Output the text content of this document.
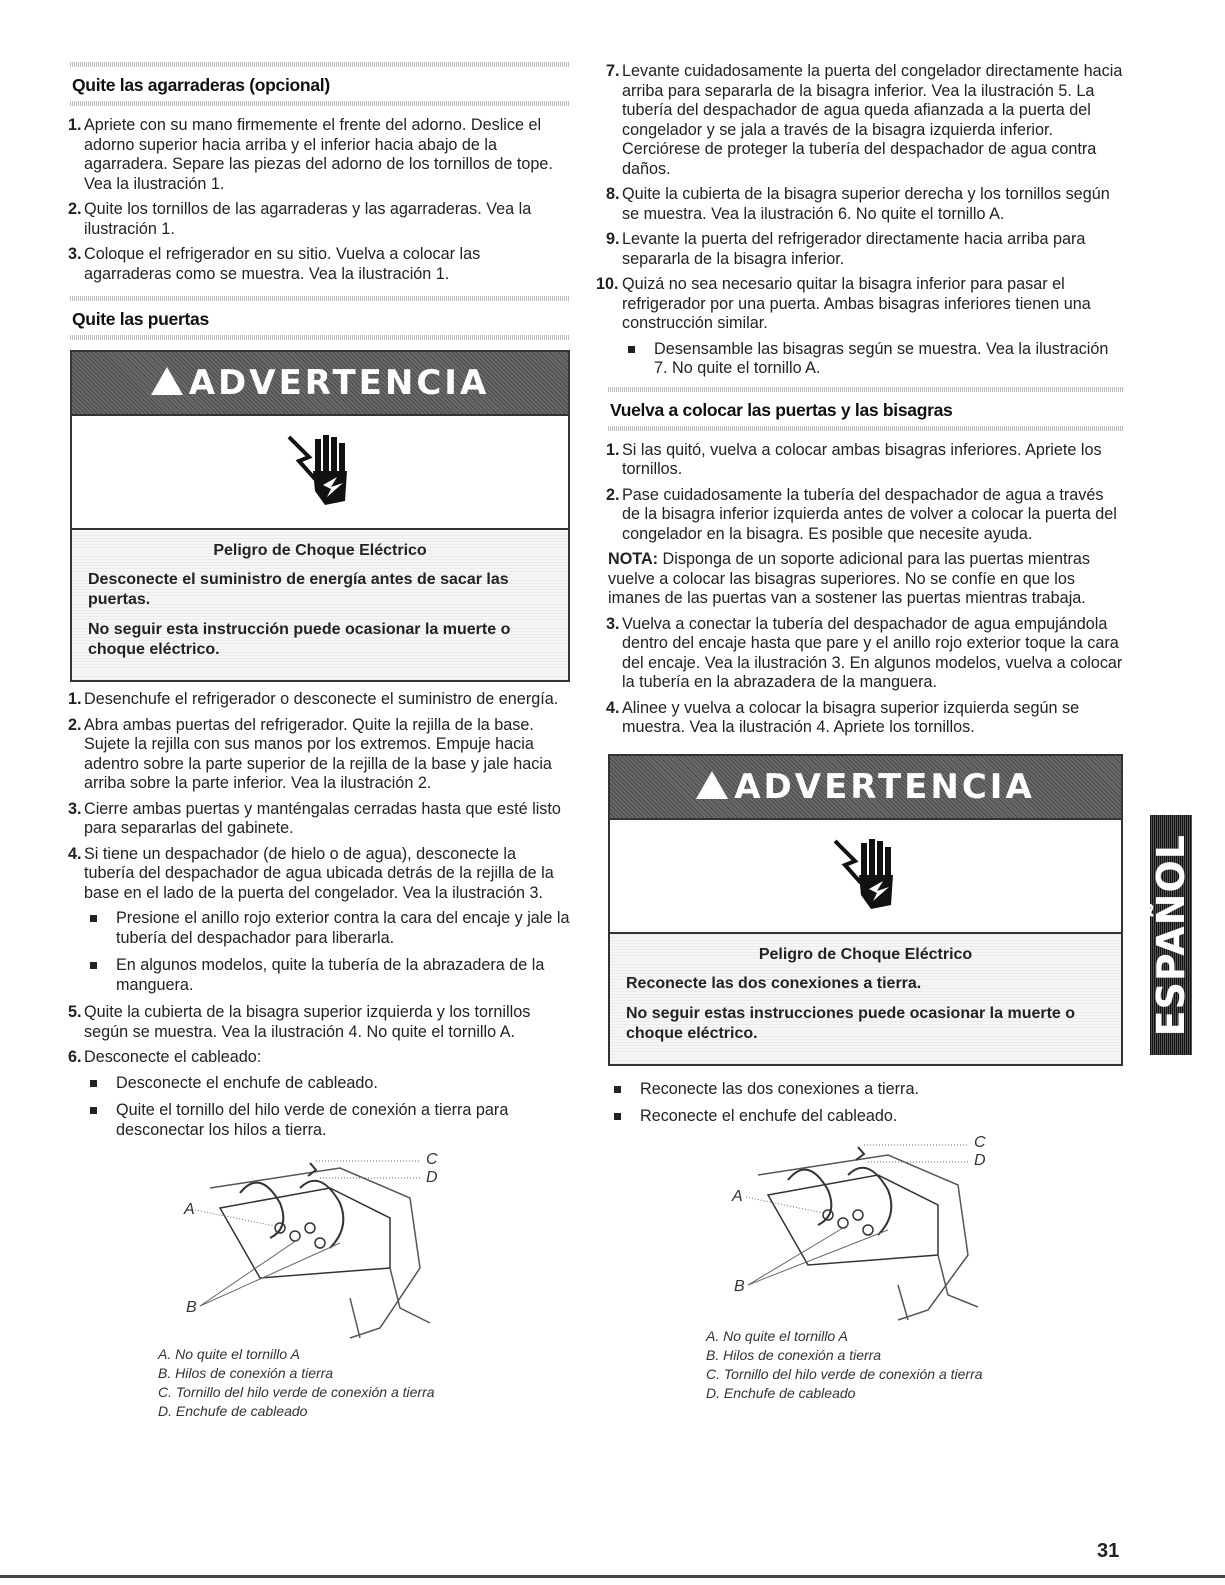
Quite las agarraderas (opcional)
1. Apriete con su mano firmemente el frente del adorno. Deslice el adorno superior hacia arriba y el inferior hacia abajo de la agarradera. Separe las piezas del adorno de los tornillos de tope. Vea la ilustración 1.
2. Quite los tornillos de las agarraderas y las agarraderas. Vea la ilustración 1.
3. Coloque el refrigerador en su sitio. Vuelva a colocar las agarraderas como se muestra. Vea la ilustración 1.
Quite las puertas
ADVERTENCIA
Peligro de Choque Eléctrico
Desconecte el suministro de energía antes de sacar las puertas.
No seguir esta instrucción puede ocasionar la muerte o choque eléctrico.
1. Desenchufe el refrigerador o desconecte el suministro de energía.
2. Abra ambas puertas del refrigerador. Quite la rejilla de la base. Sujete la rejilla con sus manos por los extremos. Empuje hacia adentro sobre la parte superior de la rejilla de la base y jale hacia arriba sobre la parte inferior. Vea la ilustración 2.
3. Cierre ambas puertas y manténgalas cerradas hasta que esté listo para separarlas del gabinete.
4. Si tiene un despachador (de hielo o de agua), desconecte la tubería del despachador de agua ubicada detrás de la rejilla de la base en el lado de la puerta del congelador. Vea la ilustración 3.
Presione el anillo rojo exterior contra la cara del encaje y jale la tubería del despachador para liberarla.
En algunos modelos, quite la tubería de la abrazadera de la manguera.
5. Quite la cubierta de la bisagra superior izquierda y los tornillos según se muestra. Vea la ilustración 4. No quite el tornillo A.
6. Desconecte el cableado:
Desconecte el enchufe de cableado.
Quite el tornillo del hilo verde de conexión a tierra para desconectar los hilos a tierra.
C
D
A
B
A. No quite el tornillo A
B. Hilos de conexión a tierra
C. Tornillo del hilo verde de conexión a tierra
D. Enchufe de cableado
7. Levante cuidadosamente la puerta del congelador directamente hacia arriba para separarla de la bisagra inferior. Vea la ilustración 5. La tubería del despachador de agua queda afianzada a la puerta del congelador y se jala a través de la bisagra izquierda inferior. Cerciórese de proteger la tubería del despachador de agua contra daños.
8. Quite la cubierta de la bisagra superior derecha y los tornillos según se muestra. Vea la ilustración 6. No quite el tornillo A.
9. Levante la puerta del refrigerador directamente hacia arriba para separarla de la bisagra inferior.
10. Quizá no sea necesario quitar la bisagra inferior para pasar el refrigerador por una puerta. Ambas bisagras inferiores tienen una construcción similar.
Desensamble las bisagras según se muestra. Vea la ilustración 7. No quite el tornillo A.
Vuelva a colocar las puertas y las bisagras
1. Si las quitó, vuelva a colocar ambas bisagras inferiores. Apriete los tornillos.
2. Pase cuidadosamente la tubería del despachador de agua a través de la bisagra inferior izquierda antes de volver a colocar la puerta del congelador en la bisagra. Es posible que necesite ayuda.
NOTA: Disponga de un soporte adicional para las puertas mientras vuelve a colocar las bisagras superiores. No se confíe en que los imanes de las puertas van a sostener las puertas mientras trabaja.
3. Vuelva a conectar la tubería del despachador de agua empujándola dentro del encaje hasta que pare y el anillo rojo exterior toque la cara del encaje. Vea la ilustración 3. En algunos modelos, vuelva a colocar la tubería en la abrazadera de la manguera.
4. Alinee y vuelva a colocar la bisagra superior izquierda según se muestra. Vea la ilustración 4. Apriete los tornillos.
ADVERTENCIA
Peligro de Choque Eléctrico
Reconecte las dos conexiones a tierra.
No seguir estas instrucciones puede ocasionar la muerte o choque eléctrico.
Reconecte las dos conexiones a tierra.
Reconecte el enchufe del cableado.
C
D
A
B
A. No quite el tornillo A
B. Hilos de conexión a tierra
C. Tornillo del hilo verde de conexión a tierra
D. Enchufe de cableado
ESPAÑOL
31
